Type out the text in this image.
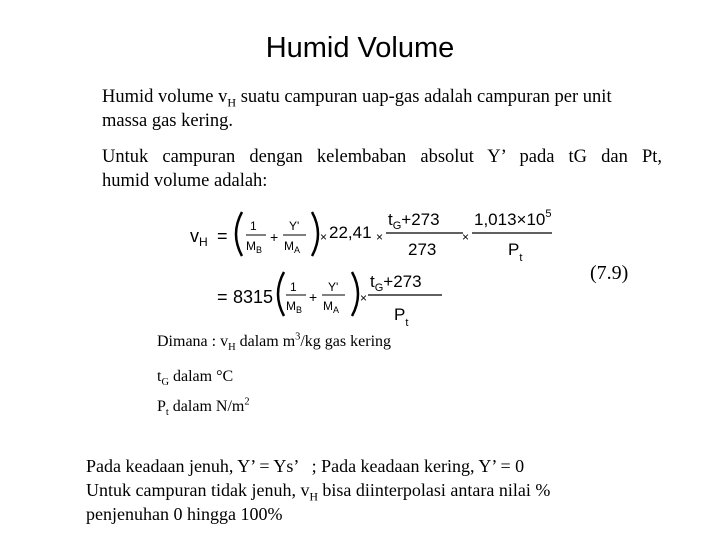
Humid Volume
Humid volume $v_H$ suatu campuran uap-gas adalah campuran per unit
massa gas kering.
Untuk campuran dengan kelembaban absolut Y’ pada tG dan Pt,
humid volume adalah:
$v_H = 1$
$M_B$
+
Y'
$M_A$
× 22,41 ×
$t_G+273$
273
×
$1,013\times 10^5$
$P_t$
= 8315 1
$M_B$
+
Y'
$M_A$
×
$t_G+273$
$P_t$
(7.9)
Dimana : $v_H$ dalam $m^3/kg$ gas kering
$t_G$ dalam °C
$P_t$ dalam $N/m^2$
Pada keadaan jenuh, Y’ = Ys’   ; Pada keadaan kering, Y’ = 0
Untuk campuran tidak jenuh, $v_H$ bisa diinterpolasi antara nilai %
penjenuhan 0 hingga 100%
